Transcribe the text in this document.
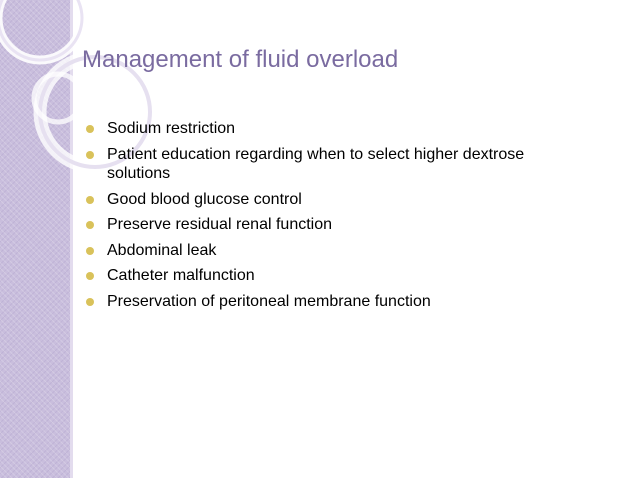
Management of fluid overload
Sodium restriction
Patient education regarding when to select higher dextrose solutions
Good blood glucose control
Preserve residual renal function
Abdominal leak
Catheter malfunction
Preservation of peritoneal membrane function
